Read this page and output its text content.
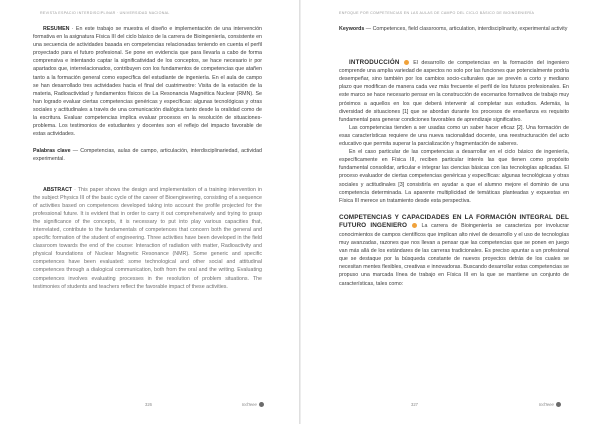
REVISTA ESPACIO INTERDISCIPLINAR · UNIVERSIDAD NACIONAL

RESUMEN · En este trabajo se muestra el diseño e implementación de una intervención formativa en la asignatura Física III del ciclo básico de la carrera de Bioingeniería, consistente en una secuencia de actividades basada en competencias relacionadas teniendo en cuenta el perfil proyectado para el futuro profesional. Se pone en evidencia que para llevarla a cabo de forma comprensiva e intentando captar la significatividad de los conceptos, se hace necesario ir por apartados que, interrelacionados, contribuyen con los fundamentos de competencias que atañen tanto a la formación general como específica del estudiante de ingeniería. En el aula de campo se han desarrollado tres actividades hacia el final del cuatrimestre: Visita de la estación de la materia, Radioactividad y fundamentos físicos de La Resonancia Magnética Nuclear (RMN). Se han logrado evaluar ciertas competencias genéricas y específicas: algunas tecnológicas y otras sociales y actitudinales a través de una comunicación dialógica tanto desde la oralidad como de la escritura. Evaluar competencias implica evaluar procesos en la resolución de situaciones-problema. Los testimonios de estudiantes y docentes son el reflejo del impacto favorable de estas actividades.

Palabras clave — Competencias, aulas de campo, articulación, interdisciplinariedad, actividad experimental.

ABSTRACT · This paper shows the design and implementation of a training intervention in the subject Physics III of the basic cycle of the career of Bioengineering, consisting of a sequence of activities based on competences developed taking into account the profile projected for the professional future. It is evident that in order to carry it out comprehensively and trying to grasp the significance of the concepts, it is necessary to put into play various capacities that, interrelated, contribute to the fundamentals of competences that concern both the general and specific formation of the student of engineering. Three activities have been developed in the field classroom towards the end of the course: Interaction of radiation with matter, Radioactivity and physical foundations of Nuclear Magnetic Resonance (NMR). Some generic and specific competences have been evaluated: some technological and other social and attitudinal competences through a dialogical communication, both from the oral and the writing. Evaluating competences involves evaluating processes in the resolution of problem situations. The testimonies of students and teachers reflect the favorable impact of these activities.

326	Ind'Ieee
ENFOQUE POR COMPETENCIAS EN LAS AULAS DE CAMPO DEL CICLO BÁSICO DE BIOINGENIERÍA

Keywords — Competences, field classrooms, articulation, interdisciplinarity, experimental activity

INTRODUCCIÓN  El desarrollo de competencias en la formación del ingeniero comprende una amplia variedad de aspectos no solo por las funciones que potencialmente podría desempeñar, sino también por los cambios socio-culturales que se prevén a corto y mediano plazo que modifican de manera cada vez más frecuente el perfil de los futuros profesionales. En este marco se hace necesario pensar en la construcción de escenarios formativos de trabajo muy próximos a aquellos en los que deberá intervenir al completar sus estudios. Además, la diversidad de situaciones [1] que se abordan durante los procesos de enseñanza es requisito fundamental para generar condiciones favorables de aprendizaje significativo.

Las competencias tienden a ser usadas como un saber hacer eficaz [2]. Una formación de esas características requiere de una nueva racionalidad docente, una reestructuración del acto educativo que permita superar la parcialización y fragmentación de saberes.

En el caso particular de las competencias a desarrollar en el ciclo básico de ingeniería, específicamente en Física III, reciben particular interés las que tienen como propósito fundamental consolidar, articular e integrar las ciencias básicas con las tecnologías aplicadas. El proceso evaluador de ciertas competencias genéricas y específicas: algunas tecnológicas y otras sociales y actitudinales [3] consistiría en ayudar a que el alumno mejore el dominio de una competencia determinada. La aparente multiplicidad de temáticas planteadas y expuestas en Física III merece un tratamiento desde esta perspectiva.

COMPETENCIAS Y CAPACIDADES EN LA FORMACIÓN INTEGRAL DEL FUTURO INGENIERO  La carrera de Bioingeniería se caracteriza por involucrar conocimientos de campos científicos que implican alto nivel de desarrollo y el uso de tecnologías muy avanzadas, razones que nos llevan a pensar que las competencias que se ponen en juego van más allá de los estándares de las carreras tradicionales. Es preciso apuntar a un profesional que se destaque por la búsqueda constante de nuevos proyectos detrás de los cuales se necesitan mentes flexibles, creativas e innovadoras. Buscando desarrollar estas competencias se propuso una marcada línea de trabajo en Física III en la que se mantiene un conjunto de características, tales como:

327	Ind'Ieee
